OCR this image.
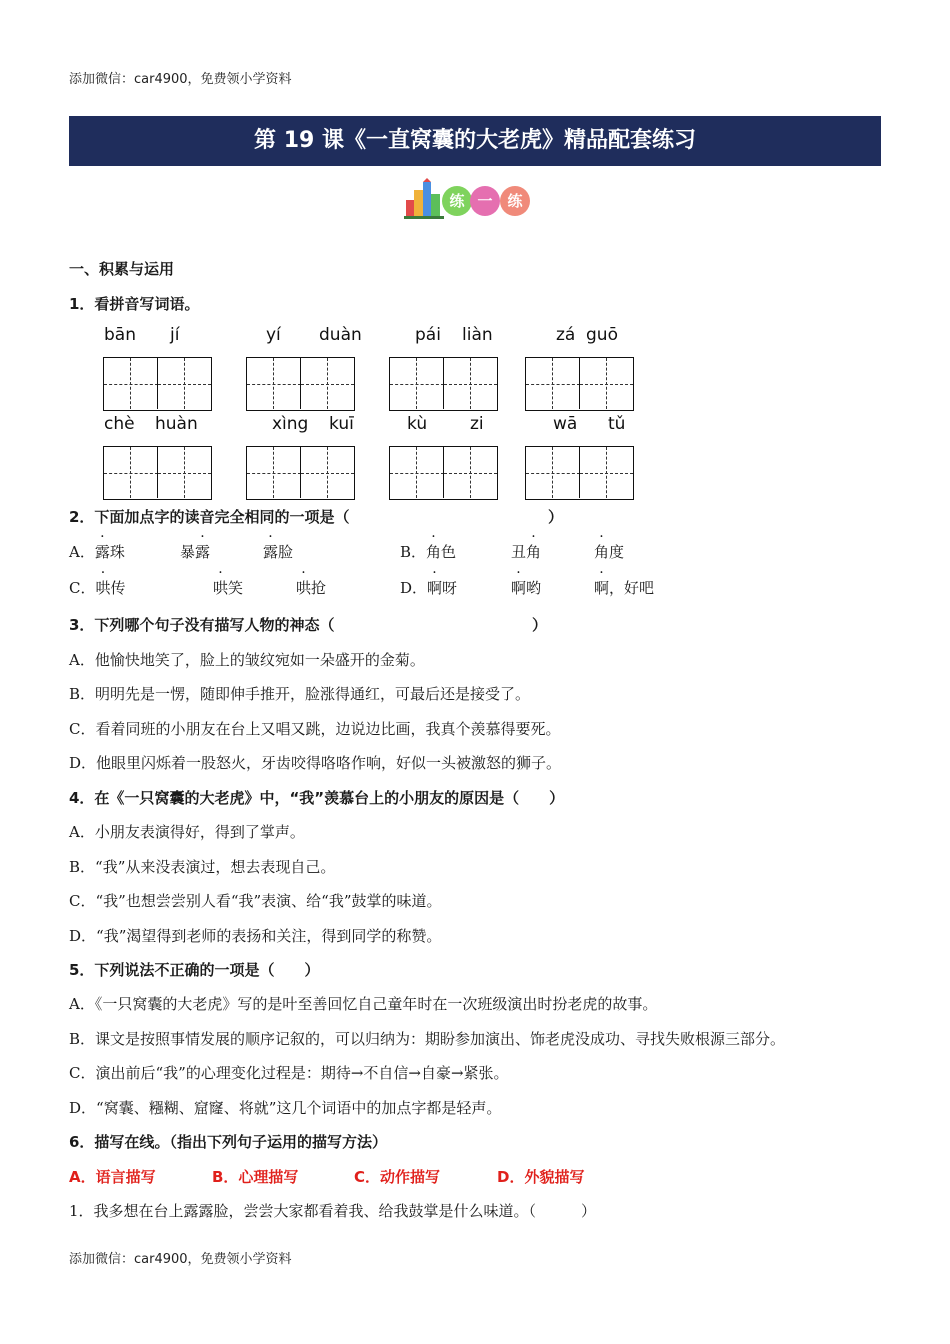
添加微信：car4900，免费领小学资料
第 19 课《一直窝囊的大老虎》精品配套练习
练 一 练
一、积累与运用
1．看拼音写词语。
bān jí	yí duàn	pái liàn	zá guō
chè huàn	xìng kuī	kù	zi	wā tǔ
2．下面加点字的读音完全相同的一项是（	）
A．露珠	暴露	露脸	B．角色	丑角	角度
C．哄传	哄笑	哄抢	D．啊呀	啊哟	啊，好吧
3．下列哪个句子没有描写人物的神态（	）
A．他愉快地笑了，脸上的皱纹宛如一朵盛开的金菊。
B．明明先是一愣，随即伸手推开，脸涨得通红，可最后还是接受了。
C．看着同班的小朋友在台上又唱又跳，边说边比画，我真个羡慕得要死。
D．他眼里闪烁着一股怒火，牙齿咬得咯咯作响，好似一头被激怒的狮子。
4．在《一只窝囊的大老虎》中，“我”羡慕台上的小朋友的原因是（　　）
A．小朋友表演得好，得到了掌声。
B．“我”从来没表演过，想去表现自己。
C．“我”也想尝尝别人看“我”表演、给“我”鼓掌的味道。
D．“我”渴望得到老师的表扬和关注，得到同学的称赞。
5．下列说法不正确的一项是（　　）
A．《一只窝囊的大老虎》写的是叶至善回忆自己童年时在一次班级演出时扮老虎的故事。
B．课文是按照事情发展的顺序记叙的，可以归纳为：期盼参加演出、饰老虎没成功、寻找失败根源三部分。
C．演出前后“我”的心理变化过程是：期待→不自信→自豪→紧张。
D．“窝囊、糨糊、窟窿、将就”这几个词语中的加点字都是轻声。
6．描写在线。（指出下列句子运用的描写方法）
A．语言描写	B．心理描写	C．动作描写	D．外貌描写
1．我多想在台上露露脸，尝尝大家都看着我、给我鼓掌是什么味道。（　　　）
添加微信：car4900，免费领小学资料
